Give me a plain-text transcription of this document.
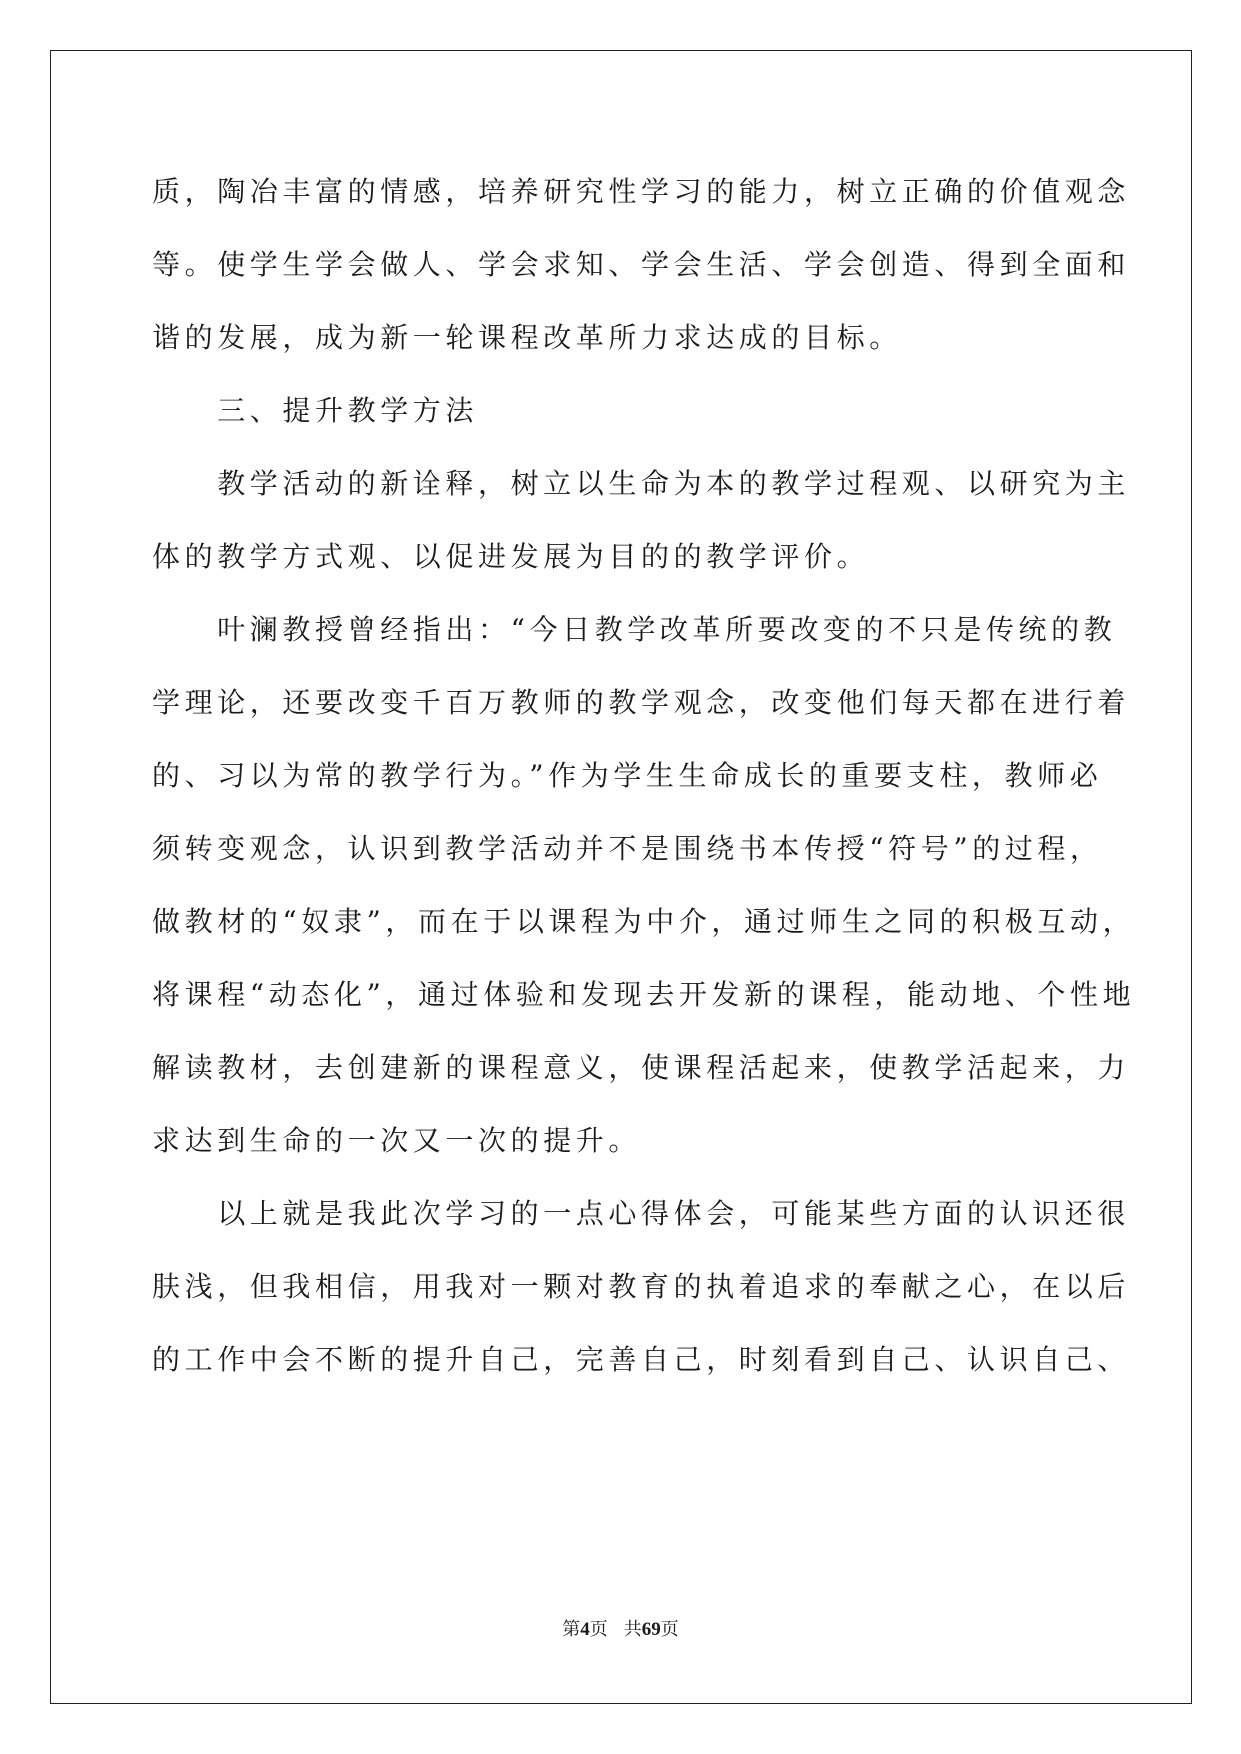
质，陶冶丰富的情感，培养研究性学习的能力，树立正确的价值观念
等。使学生学会做人、学会求知、学会生活、学会创造、得到全面和
谐的发展，成为新一轮课程改革所力求达成的目标。
　　三、提升教学方法
　　教学活动的新诠释，树立以生命为本的教学过程观、以研究为主
体的教学方式观、以促进发展为目的的教学评价。
　　叶澜教授曾经指出：“今日教学改革所要改变的不只是传统的教
学理论，还要改变千百万教师的教学观念，改变他们每天都在进行着
的、习以为常的教学行为。”作为学生生命成长的重要支柱，教师必
须转变观念，认识到教学活动并不是围绕书本传授“符号”的过程，
做教材的“奴隶”，而在于以课程为中介，通过师生之同的积极互动，
将课程“动态化”，通过体验和发现去开发新的课程，能动地、个性地
解读教材，去创建新的课程意义，使课程活起来，使教学活起来，力
求达到生命的一次又一次的提升。
　　以上就是我此次学习的一点心得体会，可能某些方面的认识还很
肤浅，但我相信，用我对一颗对教育的执着追求的奉献之心，在以后
的工作中会不断的提升自己，完善自己，时刻看到自己、认识自己、
第4页 共69页
